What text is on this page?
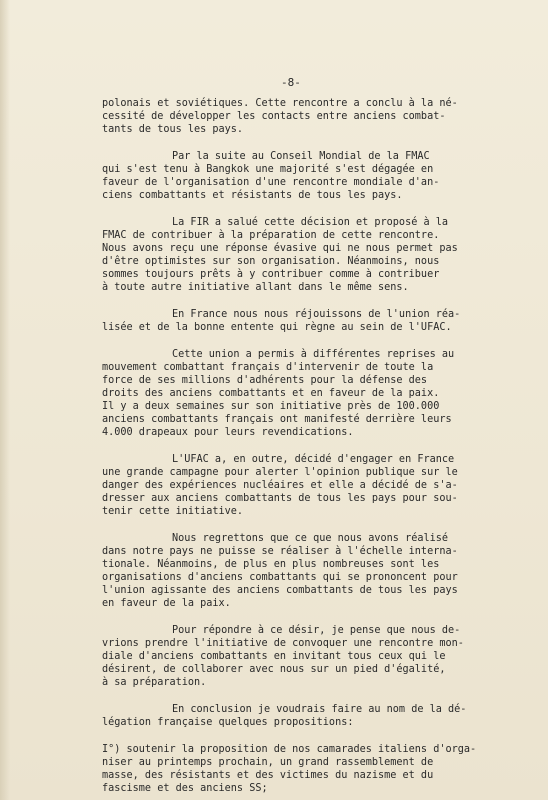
-8-
polonais et soviétiques. Cette rencontre a conclu à la né-
cessité de développer les contacts entre anciens combat-
tants de tous les pays.
Par la suite au Conseil Mondial de la FMAC
qui s'est tenu à Bangkok une majorité s'est dégagée en
faveur de l'organisation d'une rencontre mondiale d'an-
ciens combattants et résistants de tous les pays.
La FIR a salué cette décision et proposé à la
FMAC de contribuer à la préparation de cette rencontre.
Nous avons reçu une réponse évasive qui ne nous permet pas
d'être optimistes sur son organisation. Néanmoins, nous
sommes toujours prêts à y contribuer comme à contribuer
à toute autre initiative allant dans le même sens.
En France nous nous réjouissons de l'union réa-
lisée et de la bonne entente qui règne au sein de l'UFAC.
Cette union a permis à différentes reprises au
mouvement combattant français d'intervenir de toute la
force de ses millions d'adhérents pour la défense des
droits des anciens combattants et en faveur de la paix.
Il y a deux semaines sur son initiative près de 100.000
anciens combattants français ont manifesté derrière leurs
4.000 drapeaux pour leurs revendications.
L'UFAC a, en outre, décidé d'engager en France
une grande campagne pour alerter l'opinion publique sur le
danger des expériences nucléaires et elle a décidé de s'a-
dresser aux anciens combattants de tous les pays pour sou-
tenir cette initiative.
Nous regrettons que ce que nous avons réalisé
dans notre pays ne puisse se réaliser à l'échelle interna-
tionale. Néanmoins, de plus en plus nombreuses sont les
organisations d'anciens combattants qui se prononcent pour
l'union agissante des anciens combattants de tous les pays
en faveur de la paix.
Pour répondre à ce désir, je pense que nous de-
vrions prendre l'initiative de convoquer une rencontre mon-
diale d'anciens combattants en invitant tous ceux qui le
désirent, de collaborer avec nous sur un pied d'égalité,
à sa préparation.
En conclusion je voudrais faire au nom de la dé-
légation française quelques propositions:
I°) soutenir la proposition de nos camarades italiens d'orga-
niser au printemps prochain, un grand rassemblement de
masse, des résistants et des victimes du nazisme et du
fascisme et des anciens SS;
